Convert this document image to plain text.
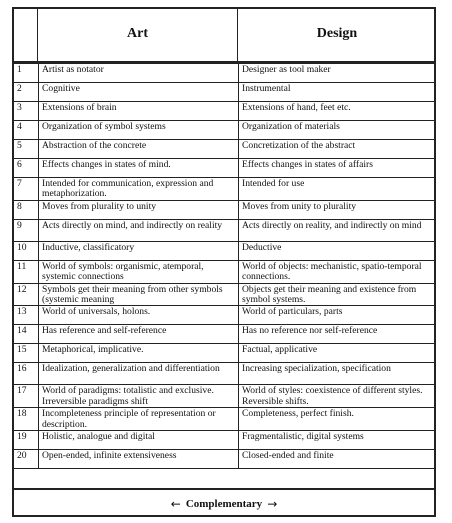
Art	Design
1	Artist as notator	Designer as tool maker
2	Cognitive	Instrumental
3	Extensions of brain	Extensions of hand, feet etc.
4	Organization of symbol systems	Organization of materials
5	Abstraction of the concrete	Concretization of the abstract
6	Effects changes in states of mind.	Effects changes in states of affairs
7	Intended for communication, expression and metaphorization.	Intended for use
8	Moves from plurality to unity	Moves from unity to plurality
9	Acts directly on mind, and indirectly on reality	Acts directly on reality, and indirectly on mind
10	Inductive, classificatory	Deductive
11	World of symbols: organismic, atemporal, systemic connections	World of objects: mechanistic, spatio-temporal connections.
12	Symbols get their meaning from other symbols (systemic meaning	Objects get their meaning and existence from symbol systems.
13	World of universals, holons.	World of particulars, parts
14	Has reference and self-reference	Has no reference nor self-reference
15	Metaphorical, implicative.	Factual, applicative
16	Idealization, generalization and differentiation	Increasing specialization, specification
17	World of paradigms: totalistic and exclusive. Irreversible paradigms shift	World of styles: coexistence of different styles. Reversible shifts.
18	Incompleteness principle of representation or description.	Completeness, perfect finish.
19	Holistic, analogue and digital	Fragmentalistic, digital systems
20	Open-ended, infinite extensiveness	Closed-ended and finite
← Complementary →
